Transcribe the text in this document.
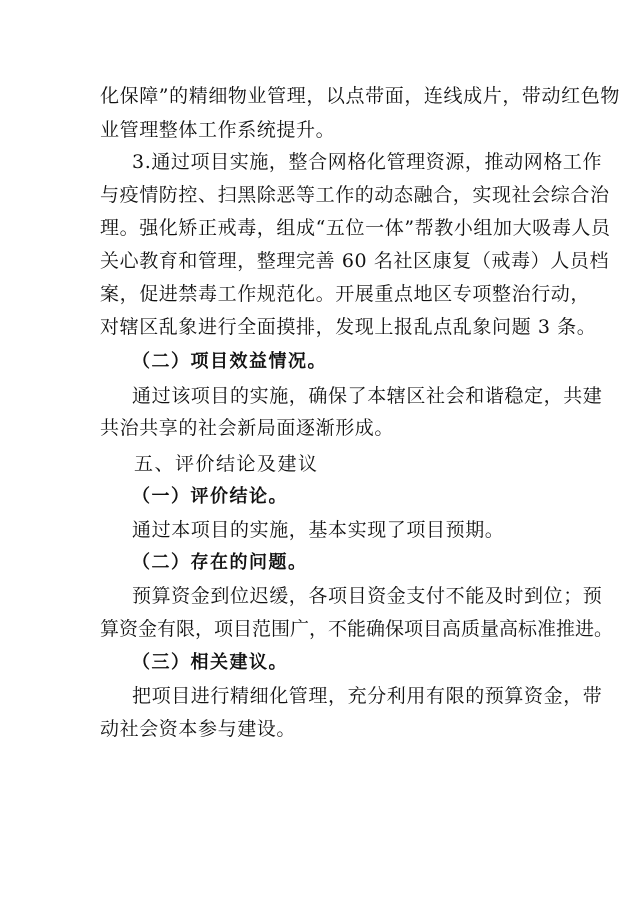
化保障”的精细物业管理，以点带面，连线成片，带动红色物
业管理整体工作系统提升。
3.通过项目实施，整合网格化管理资源，推动网格工作
与疫情防控、扫黑除恶等工作的动态融合，实现社会综合治
理。强化矫正戒毒，组成“五位一体”帮教小组加大吸毒人员
关心教育和管理，整理完善 60 名社区康复（戒毒）人员档
案，促进禁毒工作规范化。开展重点地区专项整治行动，
对辖区乱象进行全面摸排，发现上报乱点乱象问题 3 条。
（二）项目效益情况。
通过该项目的实施，确保了本辖区社会和谐稳定，共建
共治共享的社会新局面逐渐形成。
五、评价结论及建议
（一）评价结论。
通过本项目的实施，基本实现了项目预期。
（二）存在的问题。
预算资金到位迟缓，各项目资金支付不能及时到位；预
算资金有限，项目范围广，不能确保项目高质量高标准推进。
（三）相关建议。
把项目进行精细化管理，充分利用有限的预算资金，带
动社会资本参与建设。
